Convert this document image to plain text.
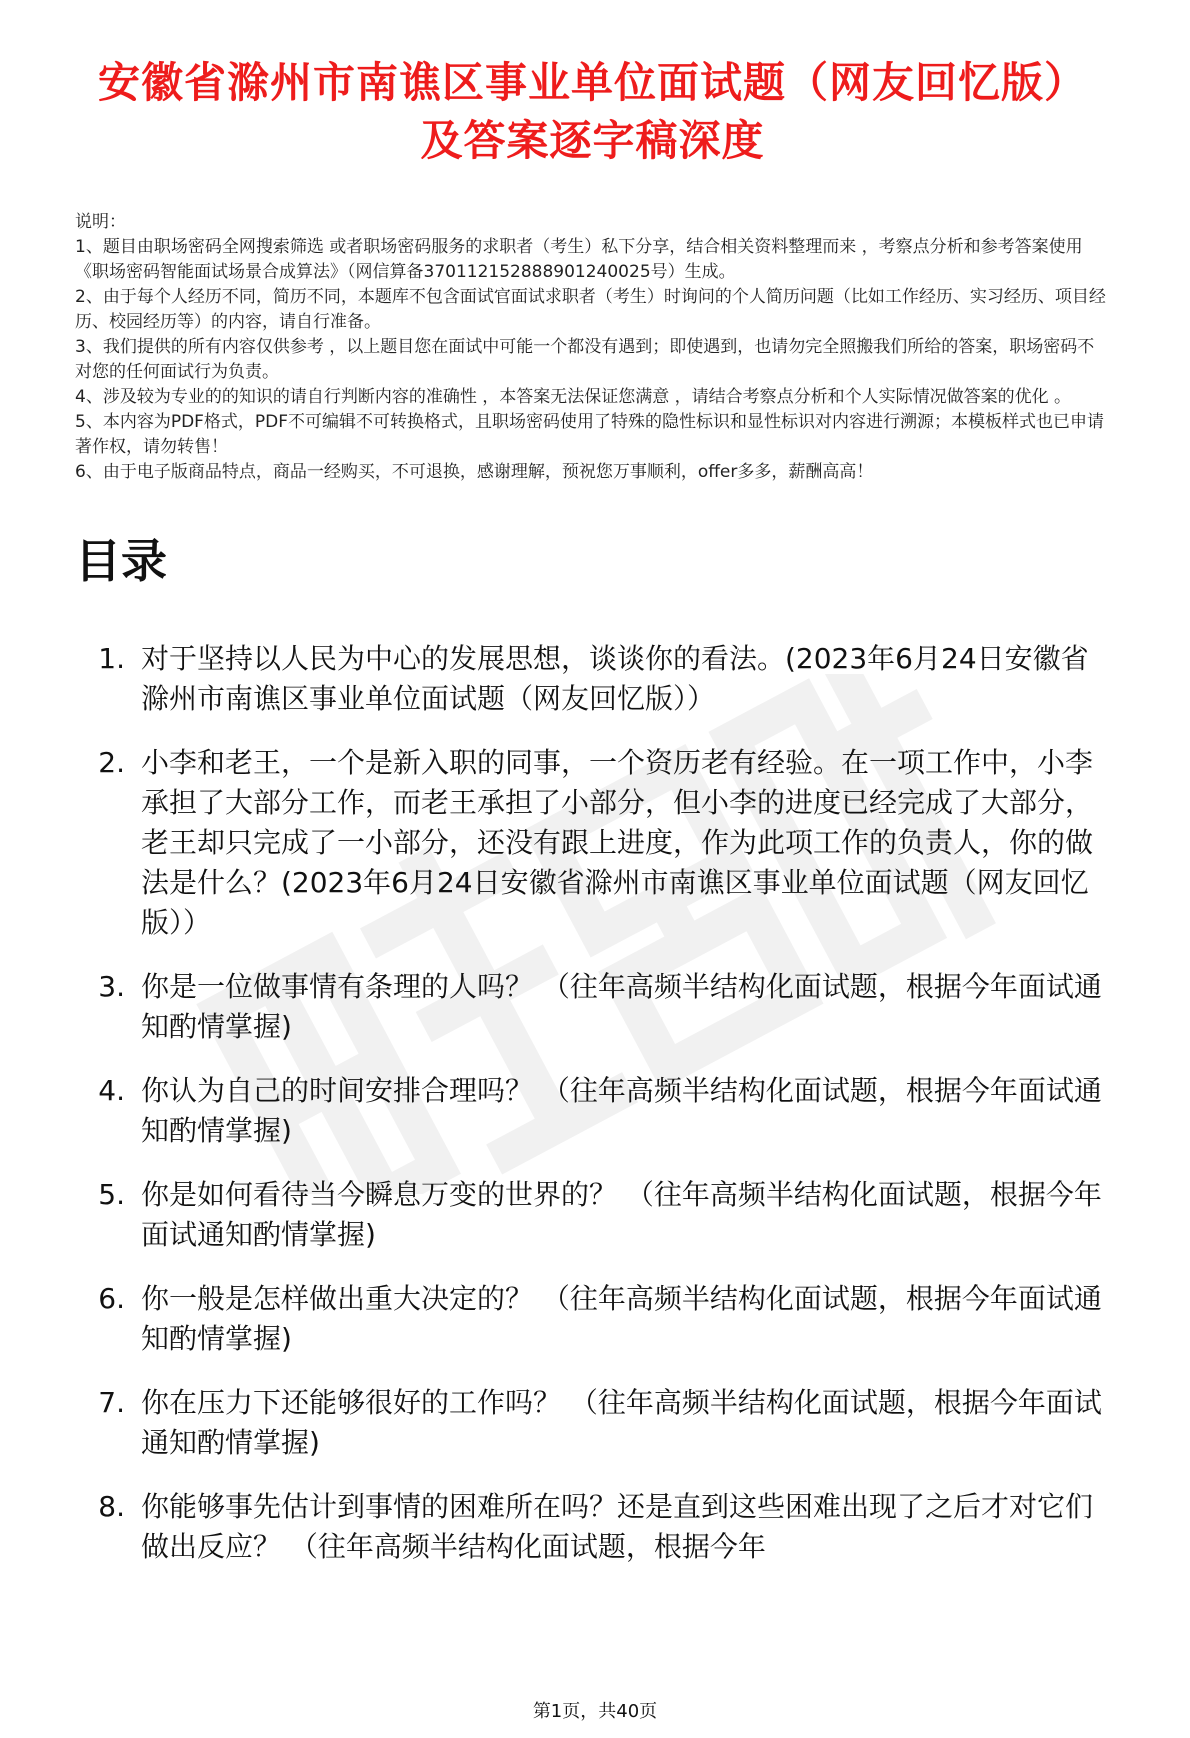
安徽省滁州市南谯区事业单位面试题（网友回忆版）及答案逐字稿深度

说明：

1、题目由职场密码全网搜索筛选 或者职场密码服务的求职者（考生）私下分享，结合相关资料整理而来 ，考察点分析和参考答案使用《职场密码智能面试场景合成算法》（网信算备370112152888901240025号）生成。

2、由于每个人经历不同，简历不同，本题库不包含面试官面试求职者（考生）时询问的个人简历问题（比如工作经历、实习经历、项目经历、校园经历等）的内容，请自行准备。

3、我们提供的所有内容仅供参考 ，以上题目您在面试中可能一个都没有遇到；即使遇到，也请勿完全照搬我们所给的答案，职场密码不对您的任何面试行为负责。

4、涉及较为专业的的知识的请自行判断内容的准确性 ，本答案无法保证您满意 ，请结合考察点分析和个人实际情况做答案的优化 。

5、本内容为PDF格式，PDF不可编辑不可转换格式，且职场密码使用了特殊的隐性标识和显性标识对内容进行溯源；本模板样式也已申请著作权，请勿转售！

6、由于电子版商品特点，商品一经购买，不可退换，感谢理解，预祝您万事顺利，offer多多，薪酬高高！

目录
1. 对于坚持以人民为中心的发展思想，谈谈你的看法。(2023年6月24日安徽省滁州市南谯区事业单位面试题（网友回忆版））
2. 小李和老王，一个是新入职的同事，一个资历老有经验。在一项工作中，小李承担了大部分工作，而老王承担了小部分，但小李的进度已经完成了大部分，老王却只完成了一小部分，还没有跟上进度，作为此项工作的负责人，你的做法是什么？(2023年6月24日安徽省滁州市南谯区事业单位面试题（网友回忆版））
3. 你是一位做事情有条理的人吗？ （往年高频半结构化面试题，根据今年面试通知酌情掌握)
4. 你认为自己的时间安排合理吗？ （往年高频半结构化面试题，根据今年面试通知酌情掌握)
5. 你是如何看待当今瞬息万变的世界的？ （往年高频半结构化面试题，根据今年面试通知酌情掌握)
6. 你一般是怎样做出重大决定的？ （往年高频半结构化面试题，根据今年面试通知酌情掌握)
7. 你在压力下还能够很好的工作吗？ （往年高频半结构化面试题，根据今年面试通知酌情掌握)
8. 你能够事先估计到事情的困难所在吗？还是直到这些困难出现了之后才对它们做出反应？ （往年高频半结构化面试题，根据今年
第1页，共40页
